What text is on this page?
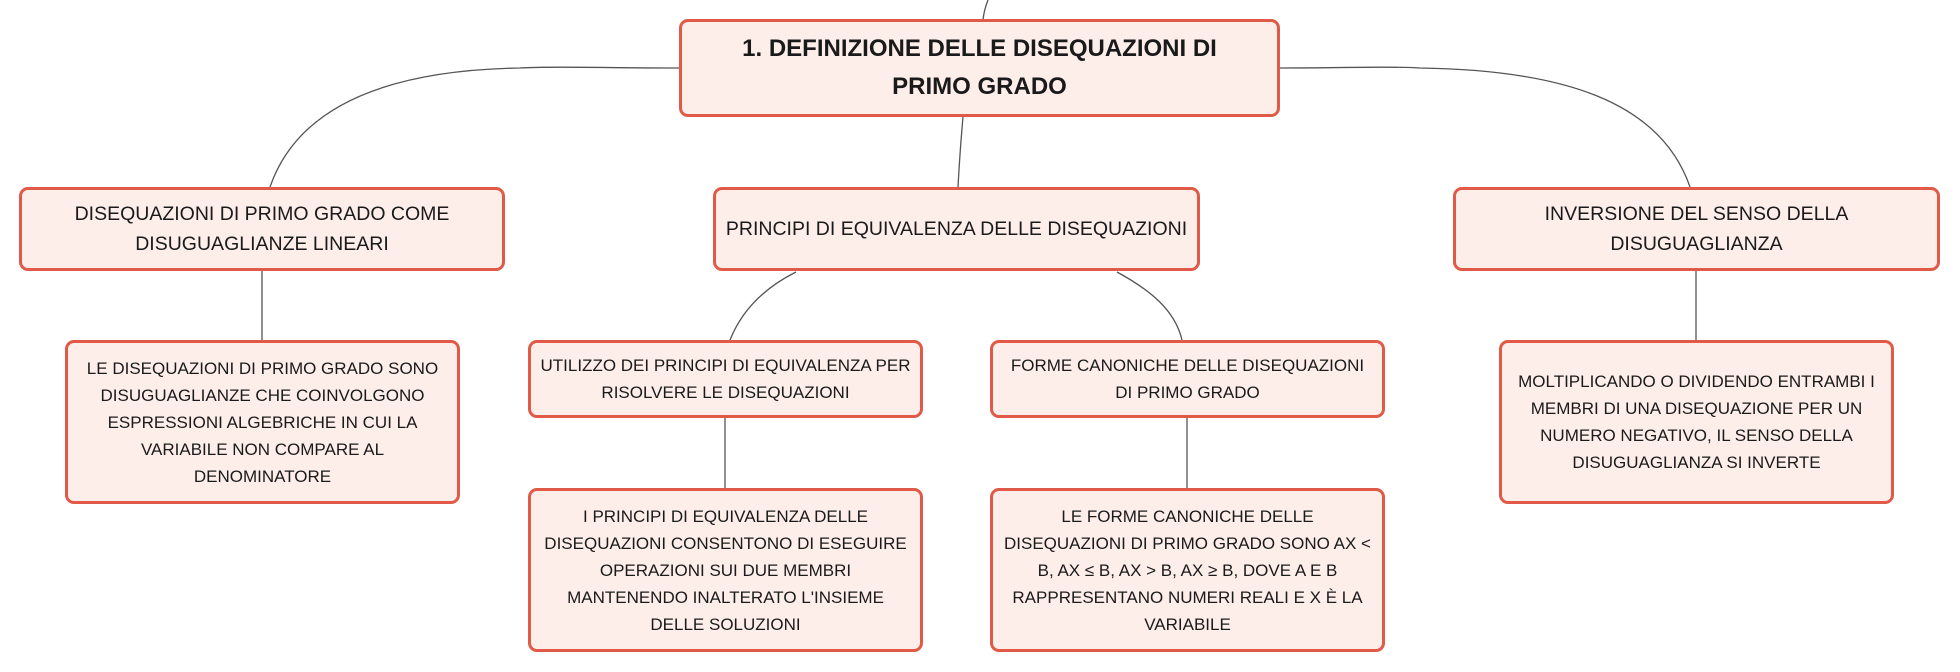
1. DEFINIZIONE DELLE DISEQUAZIONI DI PRIMO GRADO
DISEQUAZIONI DI PRIMO GRADO COME DISUGUAGLIANZE LINEARI
PRINCIPI DI EQUIVALENZA DELLE DISEQUAZIONI
INVERSIONE DEL SENSO DELLA DISUGUAGLIANZA
LE DISEQUAZIONI DI PRIMO GRADO SONO DISUGUAGLIANZE CHE COINVOLGONO ESPRESSIONI ALGEBRICHE IN CUI LA VARIABILE NON COMPARE AL DENOMINATORE
UTILIZZO DEI PRINCIPI DI EQUIVALENZA PER RISOLVERE LE DISEQUAZIONI
FORME CANONICHE DELLE DISEQUAZIONI DI PRIMO GRADO
I PRINCIPI DI EQUIVALENZA DELLE DISEQUAZIONI CONSENTONO DI ESEGUIRE OPERAZIONI SUI DUE MEMBRI MANTENENDO INALTERATO L'INSIEME DELLE SOLUZIONI
LE FORME CANONICHE DELLE DISEQUAZIONI DI PRIMO GRADO SONO AX < B, AX ≤ B, AX > B, AX ≥ B, DOVE A E B RAPPRESENTANO NUMERI REALI E X È LA VARIABILE
MOLTIPLICANDO O DIVIDENDO ENTRAMBI I MEMBRI DI UNA DISEQUAZIONE PER UN NUMERO NEGATIVO, IL SENSO DELLA DISUGUAGLIANZA SI INVERTE
